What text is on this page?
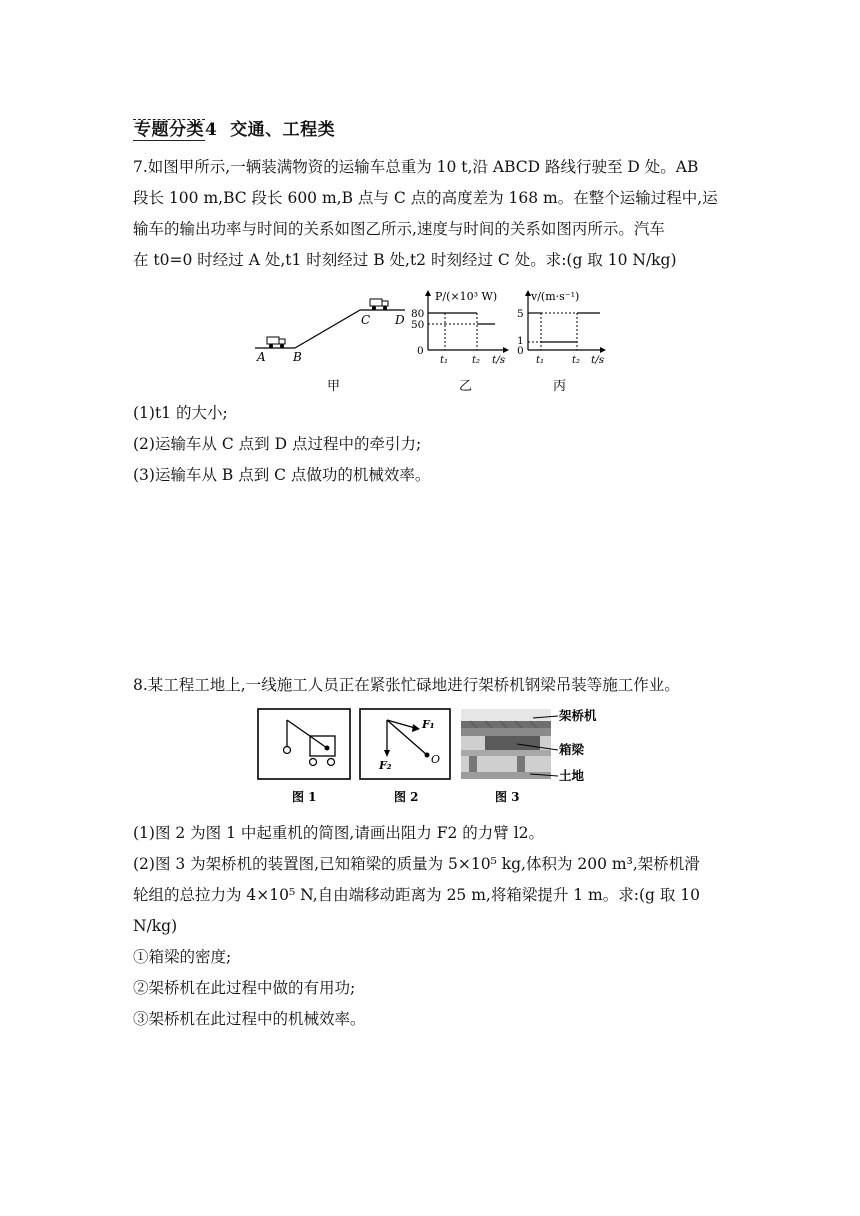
专题分类4 交通、工程类
7.如图甲所示,一辆装满物资的运输车总重为 10 t,沿 ABCD 路线行驶至 D 处。AB
段长 100 m,BC 段长 600 m,B 点与 C 点的高度差为 168 m。在整个运输过程中,运
输车的输出功率与时间的关系如图乙所示,速度与时间的关系如图丙所示。汽车
在 t0=0 时经过 A 处,t1 时刻经过 B 处,t2 时刻经过 C 处。求:(g 取 10 N/kg)
A B
C D
甲
P/(×10³ W)
80
50
0
t₁ t₂ t/s
乙
v/(m·s⁻¹)
5
1
0
t₁	t₂ t/s
丙
(1)t1 的大小;
(2)运输车从 C 点到 D 点过程中的牵引力;
(3)运输车从 B 点到 C 点做功的机械效率。
8.某工程工地上,一线施工人员正在紧张忙碌地进行架桥机钢梁吊装等施工作业。
图 1
F₁
F₂	O
图 2
架桥机
箱梁
土地
图 3
(1)图 2 为图 1 中起重机的简图,请画出阻力 F2 的力臂 l2。
(2)图 3 为架桥机的装置图,已知箱梁的质量为 5×10⁵ kg,体积为 200 m³,架桥机滑
轮组的总拉力为 4×10⁵ N,自由端移动距离为 25 m,将箱梁提升 1 m。求:(g 取 10
N/kg)
①箱梁的密度;
②架桥机在此过程中做的有用功;
③架桥机在此过程中的机械效率。
